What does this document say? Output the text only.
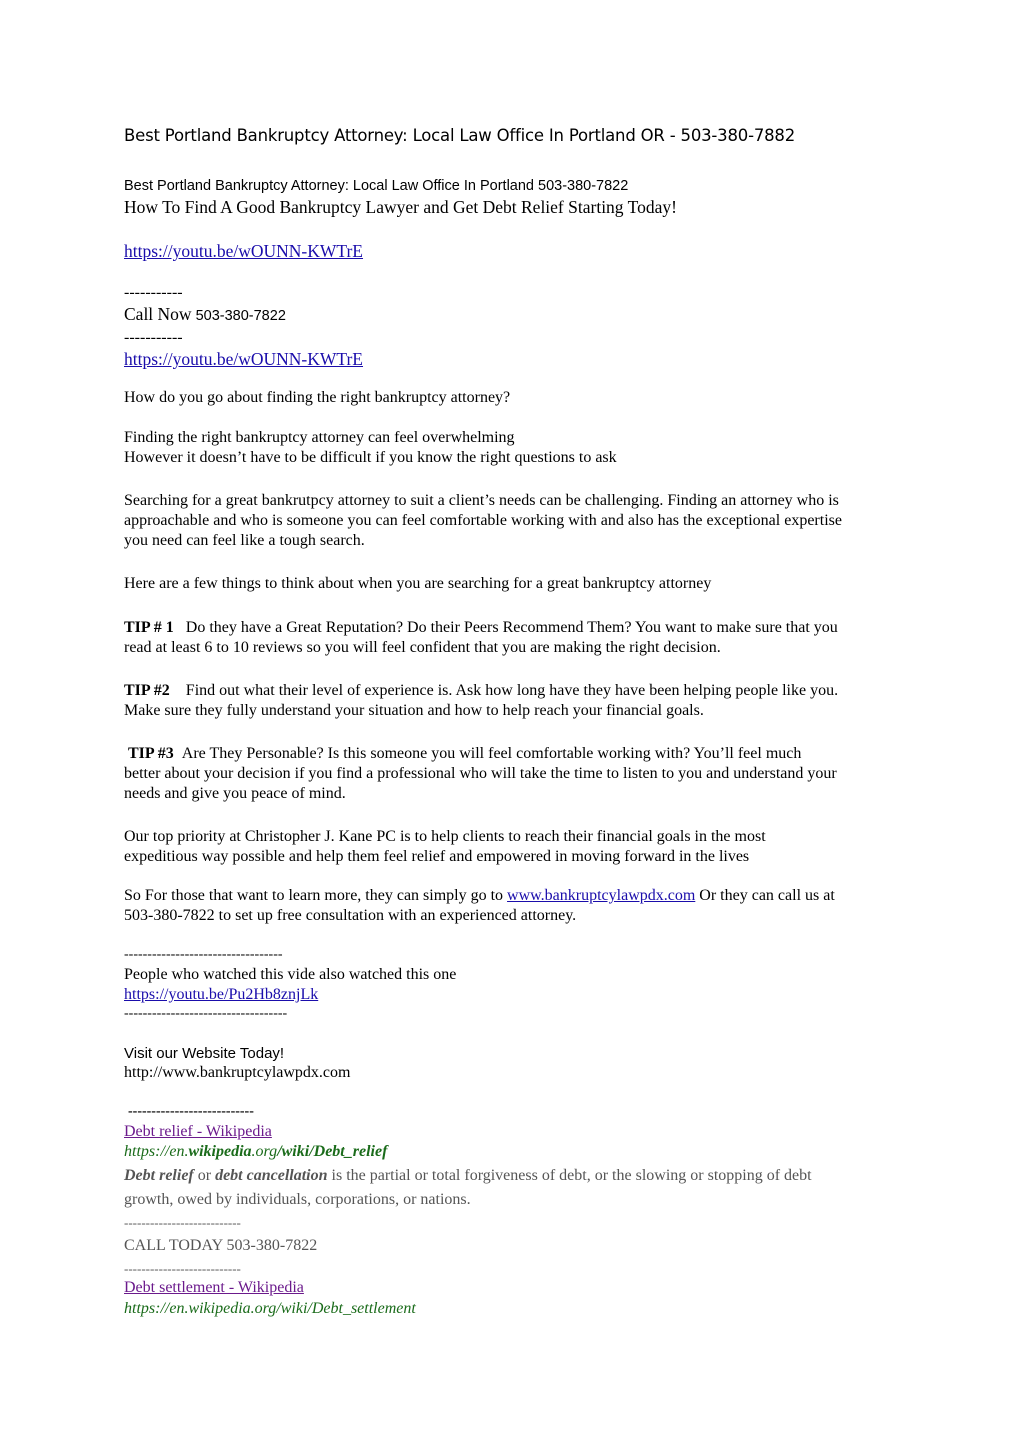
Best Portland Bankruptcy Attorney: Local Law Office In Portland OR - 503-380-7882
Best Portland Bankruptcy Attorney: Local Law Office In Portland 503-380-7822
How To Find A Good Bankruptcy Lawyer and Get Debt Relief Starting Today!
https://youtu.be/wOUNN-KWTrE
-----------
Call Now 503-380-7822
-----------
https://youtu.be/wOUNN-KWTrE
How do you go about finding the right bankruptcy attorney?
Finding the right bankruptcy attorney can feel overwhelming
However it doesn’t have to be difficult if you know the right questions to ask
Searching for a great bankrutpcy attorney to suit a client’s needs can be challenging. Finding an attorney who is
approachable and who is someone you can feel comfortable working with and also has the exceptional expertise
you need can feel like a tough search.
Here are a few things to think about when you are searching for a great bankruptcy attorney
TIP # 1 Do they have a Great Reputation? Do their Peers Recommend Them? You want to make sure that you
read at least 6 to 10 reviews so you will feel confident that you are making the right decision.
TIP #2 Find out what their level of experience is. Ask how long have they have been helping people like you.
Make sure they fully understand your situation and how to help reach your financial goals.
TIP #3 Are They Personable? Is this someone you will feel comfortable working with? You’ll feel much
better about your decision if you find a professional who will take the time to listen to you and understand your
needs and give you peace of mind.
Our top priority at Christopher J. Kane PC is to help clients to reach their financial goals in the most
expeditious way possible and help them feel relief and empowered in moving forward in the lives
So For those that want to learn more, they can simply go to www.bankruptcylawpdx.com Or they can call us at
503-380-7822 to set up free consultation with an experienced attorney.
----------------------------------
People who watched this vide also watched this one
https://youtu.be/Pu2Hb8znjLk
-----------------------------------
Visit our Website Today!
http://www.bankruptcylawpdx.com
---------------------------
Debt relief - Wikipedia
https://en.wikipedia.org/wiki/Debt_relief
Debt relief or debt cancellation is the partial or total forgiveness of debt, or the slowing or stopping of debt
growth, owed by individuals, corporations, or nations.
---------------------------
CALL TODAY 503-380-7822
---------------------------
Debt settlement - Wikipedia
https://en.wikipedia.org/wiki/Debt_settlement
